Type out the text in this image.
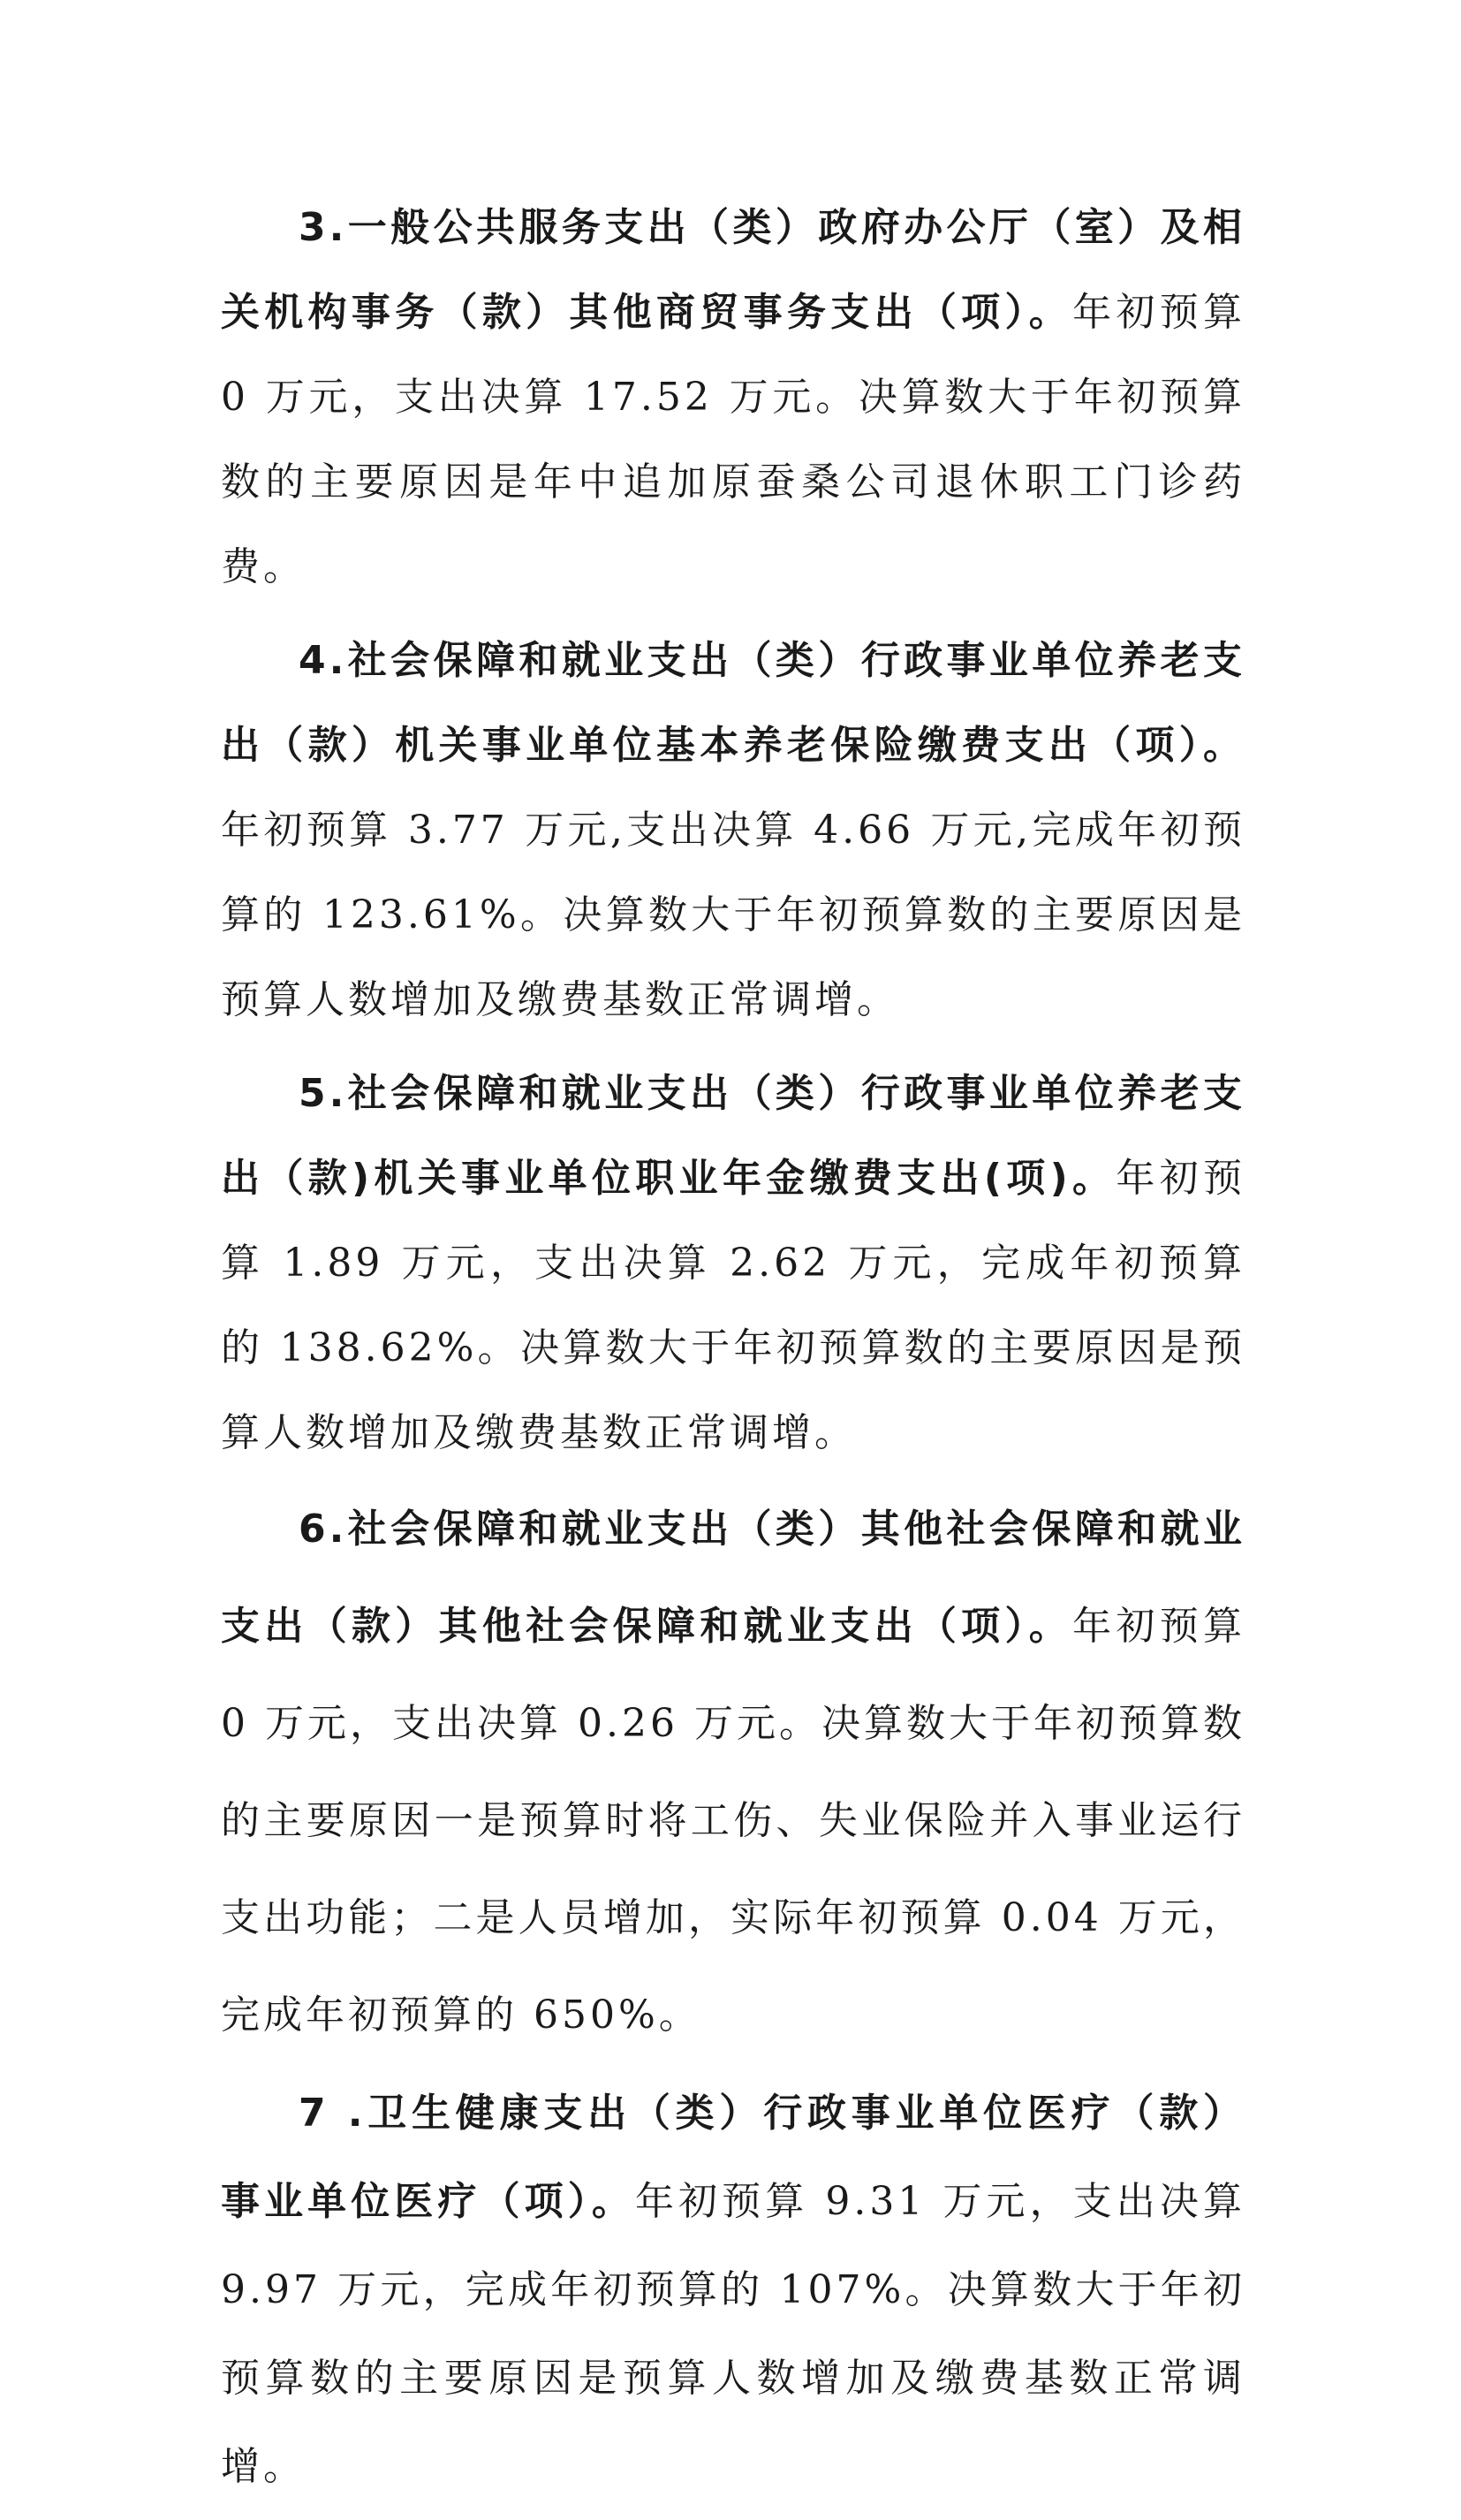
3.一般公共服务支出（类）政府办公厅（室）及相关机构事务（款）其他商贸事务支出（项）。年初预算 0 万元，支出决算 17.52 万元。决算数大于年初预算数的主要原因是年中追加原蚕桑公司退休职工门诊药费。

4.社会保障和就业支出（类）行政事业单位养老支出（款）机关事业单位基本养老保险缴费支出（项）。年初预算 3.77 万元,支出决算 4.66 万元,完成年初预算的 123.61%。决算数大于年初预算数的主要原因是预算人数增加及缴费基数正常调增。

5.社会保障和就业支出（类）行政事业单位养老支出（款)机关事业单位职业年金缴费支出(项)。年初预算 1.89 万元，支出决算 2.62 万元，完成年初预算的 138.62%。决算数大于年初预算数的主要原因是预算人数增加及缴费基数正常调增。

6.社会保障和就业支出（类）其他社会保障和就业支出（款）其他社会保障和就业支出（项）。年初预算 0 万元，支出决算 0.26 万元。决算数大于年初预算数的主要原因一是预算时将工伤、失业保险并入事业运行支出功能；二是人员增加，实际年初预算 0.04 万元，完成年初预算的 650%。

7 .卫生健康支出（类）行政事业单位医疗（款）事业单位医疗（项）。年初预算 9.31 万元，支出决算 9.97 万元，完成年初预算的 107%。决算数大于年初预算数的主要原因是预算人数增加及缴费基数正常调增。
